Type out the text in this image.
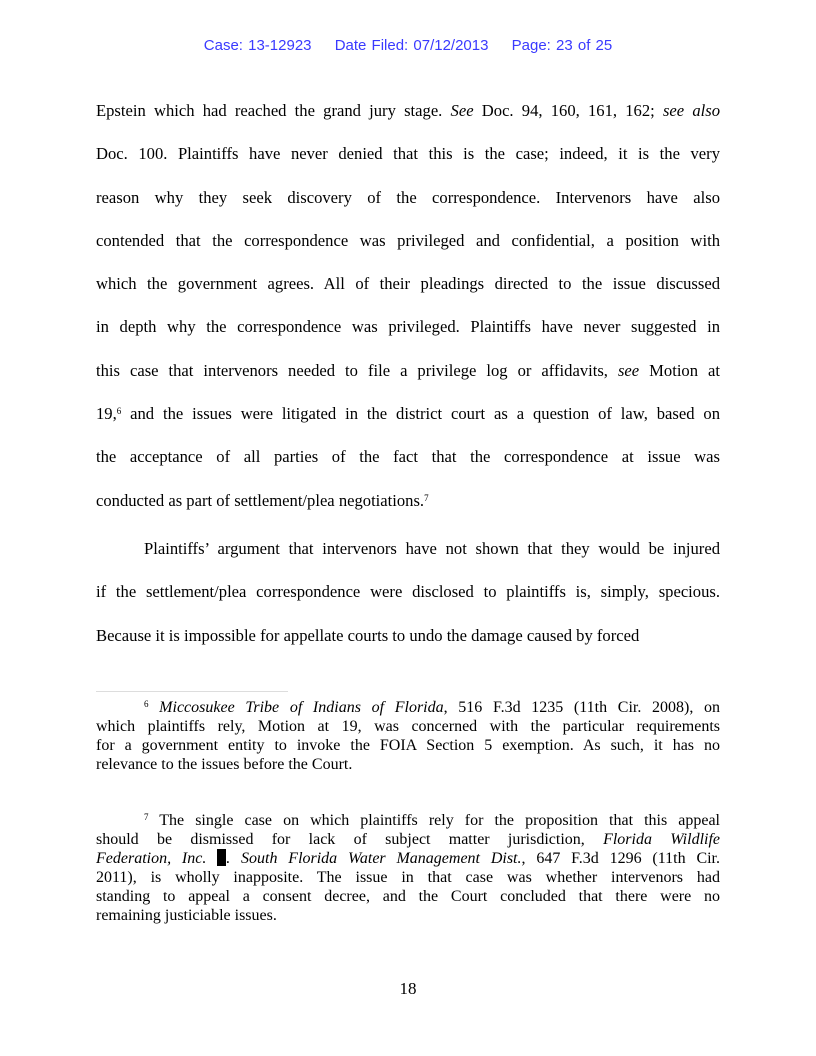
Case: 13-12923 Date Filed: 07/12/2013 Page: 23 of 25
Epstein which had reached the grand jury stage. See Doc. 94, 160, 161, 162; see also
Doc. 100. Plaintiffs have never denied that this is the case; indeed, it is the very
reason why they seek discovery of the correspondence. Intervenors have also
contended that the correspondence was privileged and confidential, a position with
which the government agrees. All of their pleadings directed to the issue discussed
in depth why the correspondence was privileged. Plaintiffs have never suggested in
this case that intervenors needed to file a privilege log or affidavits, see Motion at
19,$^6$ and the issues were litigated in the district court as a question of law, based on
the acceptance of all parties of the fact that the correspondence at issue was
conducted as part of settlement/plea negotiations.$^7$
Plaintiffs’ argument that intervenors have not shown that they would be injured
if the settlement/plea correspondence were disclosed to plaintiffs is, simply, specious.
Because it is impossible for appellate courts to undo the damage caused by forced
$^6$ Miccosukee Tribe of Indians of Florida, 516 F.3d 1235 (11th Cir. 2008), on
which plaintiffs rely, Motion at 19, was concerned with the particular requirements
for a government entity to invoke the FOIA Section 5 exemption. As such, it has no
relevance to the issues before the Court.
$^7$ The single case on which plaintiffs rely for the proposition that this appeal
should be dismissed for lack of subject matter jurisdiction, Florida Wildlife
Federation, Inc. . South Florida Water Management Dist., 647 F.3d 1296 (11th Cir.
2011), is wholly inapposite. The issue in that case was whether intervenors had
standing to appeal a consent decree, and the Court concluded that there were no
remaining justiciable issues.
18
